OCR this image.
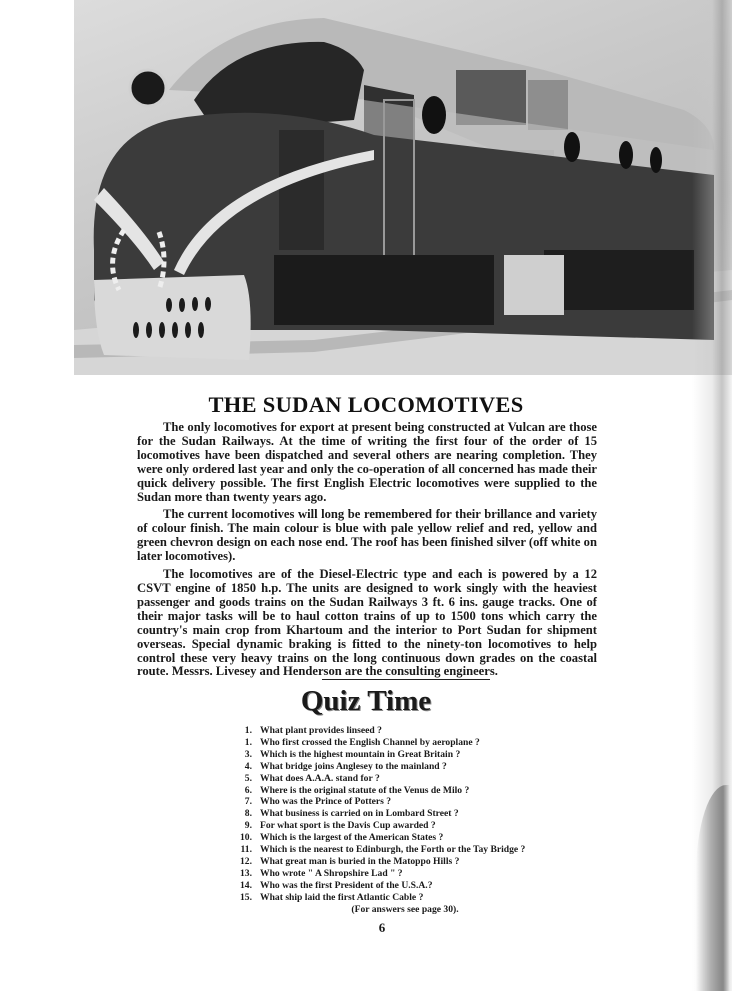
THE SUDAN LOCOMOTIVES

The only locomotives for export at present being constructed at Vulcan are those for the Sudan Railways. At the time of writing the first four of the order of 15 locomotives have been dispatched and several others are nearing completion. They were only ordered last year and only the co-operation of all concerned has made their quick delivery possible. The first English Electric locomotives were supplied to the Sudan more than twenty years ago.

The current locomotives will long be remembered for their brillance and variety of colour finish. The main colour is blue with pale yellow relief and red, yellow and green chevron design on each nose end. The roof has been finished silver (off white on later locomotives).

The locomotives are of the Diesel-Electric type and each is powered by a 12 CSVT engine of 1850 h.p. The units are designed to work singly with the heaviest passenger and goods trains on the Sudan Railways 3 ft. 6 ins. gauge tracks. One of their major tasks will be to haul cotton trains of up to 1500 tons which carry the country's main crop from Khartoum and the interior to Port Sudan for shipment overseas. Special dynamic braking is fitted to the ninety-ton locomotives to help control these very heavy trains on the long continuous down grades on the coastal route. Messrs. Livesey and Henderson are the consulting engineers.

Quiz Time
1. What plant provides linseed ?
1. Who first crossed the English Channel by aeroplane ?
3. Which is the highest mountain in Great Britain ?
4. What bridge joins Anglesey to the mainland ?
5. What does A.A.A. stand for ?
6. Where is the original statute of the Venus de Milo ?
7. Who was the Prince of Potters ?
8. What business is carried on in Lombard Street ?
9. For what sport is the Davis Cup awarded ?
10. Which is the largest of the American States ?
11. Which is the nearest to Edinburgh, the Forth or the Tay Bridge ?
12. What great man is buried in the Matoppo Hills ?
13. Who wrote " A Shropshire Lad " ?
14. Who was the first President of the U.S.A.?
15. What ship laid the first Atlantic Cable ?
(For answers see page 30).
6
